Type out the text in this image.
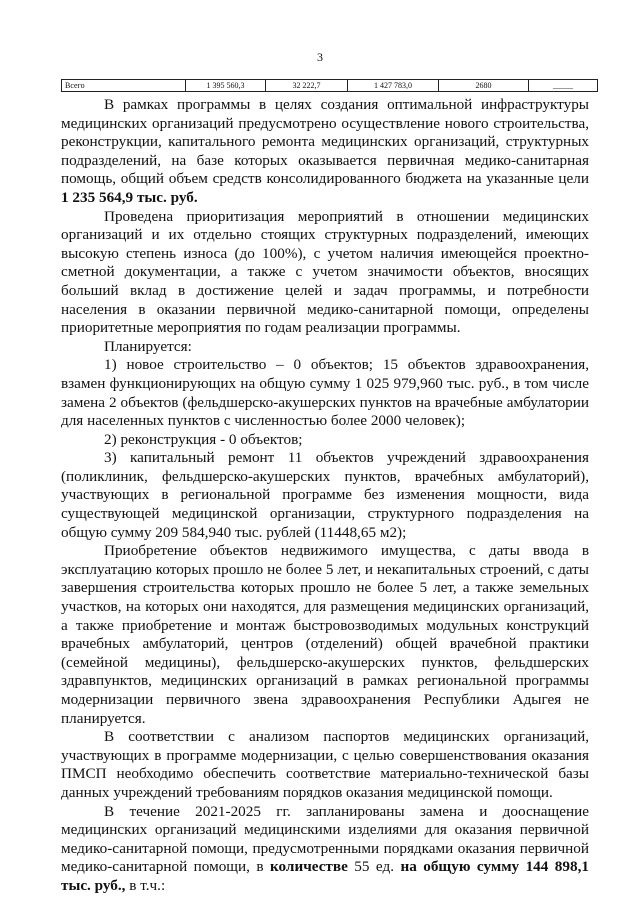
3
Всего	1 395 560,3	32 222,7	1 427 783,0	2680	_____

В рамках программы в целях создания оптимальной инфраструктуры медицинских организаций предусмотрено осуществление нового строительства, реконструкции, капитального ремонта медицинских организаций, структурных подразделений, на базе которых оказывается первичная медико-санитарная помощь, общий объем средств консолидированного бюджета на указанные цели 1 235 564,9 тыс. руб.

Проведена приоритизация мероприятий в отношении медицинских организаций и их отдельно стоящих структурных подразделений, имеющих высокую степень износа (до 100%), с учетом наличия имеющейся проектно-сметной документации, а также с учетом значимости объектов, вносящих больший вклад в достижение целей и задач программы, и потребности населения в оказании первичной медико-санитарной помощи, определены приоритетные мероприятия по годам реализации программы.

Планируется:

1) новое строительство – 0 объектов; 15 объектов здравоохранения, взамен функционирующих на общую сумму 1 025 979,960 тыс. руб., в том числе замена 2 объектов (фельдшерско-акушерских пунктов на врачебные амбулатории для населенных пунктов с численностью более 2000 человек);

2) реконструкция - 0 объектов;

3) капитальный ремонт 11 объектов учреждений здравоохранения (поликлиник, фельдшерско-акушерских пунктов, врачебных амбулаторий), участвующих в региональной программе без изменения мощности, вида существующей медицинской организации, структурного подразделения на общую сумму 209 584,940 тыс. рублей (11448,65 м2);

Приобретение объектов недвижимого имущества, с даты ввода в эксплуатацию которых прошло не более 5 лет, и некапитальных строений, с даты завершения строительства которых прошло не более 5 лет, а также земельных участков, на которых они находятся, для размещения медицинских организаций, а также приобретение и монтаж быстровозводимых модульных конструкций врачебных амбулаторий, центров (отделений) общей врачебной практики (семейной медицины), фельдшерско-акушерских пунктов, фельдшерских здравпунктов, медицинских организаций в рамках региональной программы модернизации первичного звена здравоохранения Республики Адыгея не планируется.

В соответствии с анализом паспортов медицинских организаций, участвующих в программе модернизации, с целью совершенствования оказания ПМСП необходимо обеспечить соответствие материально-технической базы данных учреждений требованиям порядков оказания медицинской помощи.

В течение 2021-2025 гг. запланированы замена и дооснащение медицинских организаций медицинскими изделиями для оказания первичной медико-санитарной помощи, предусмотренными порядками оказания первичной медико-санитарной помощи, в количестве 55 ед. на общую сумму 144 898,1 тыс. руб., в т.ч.:
